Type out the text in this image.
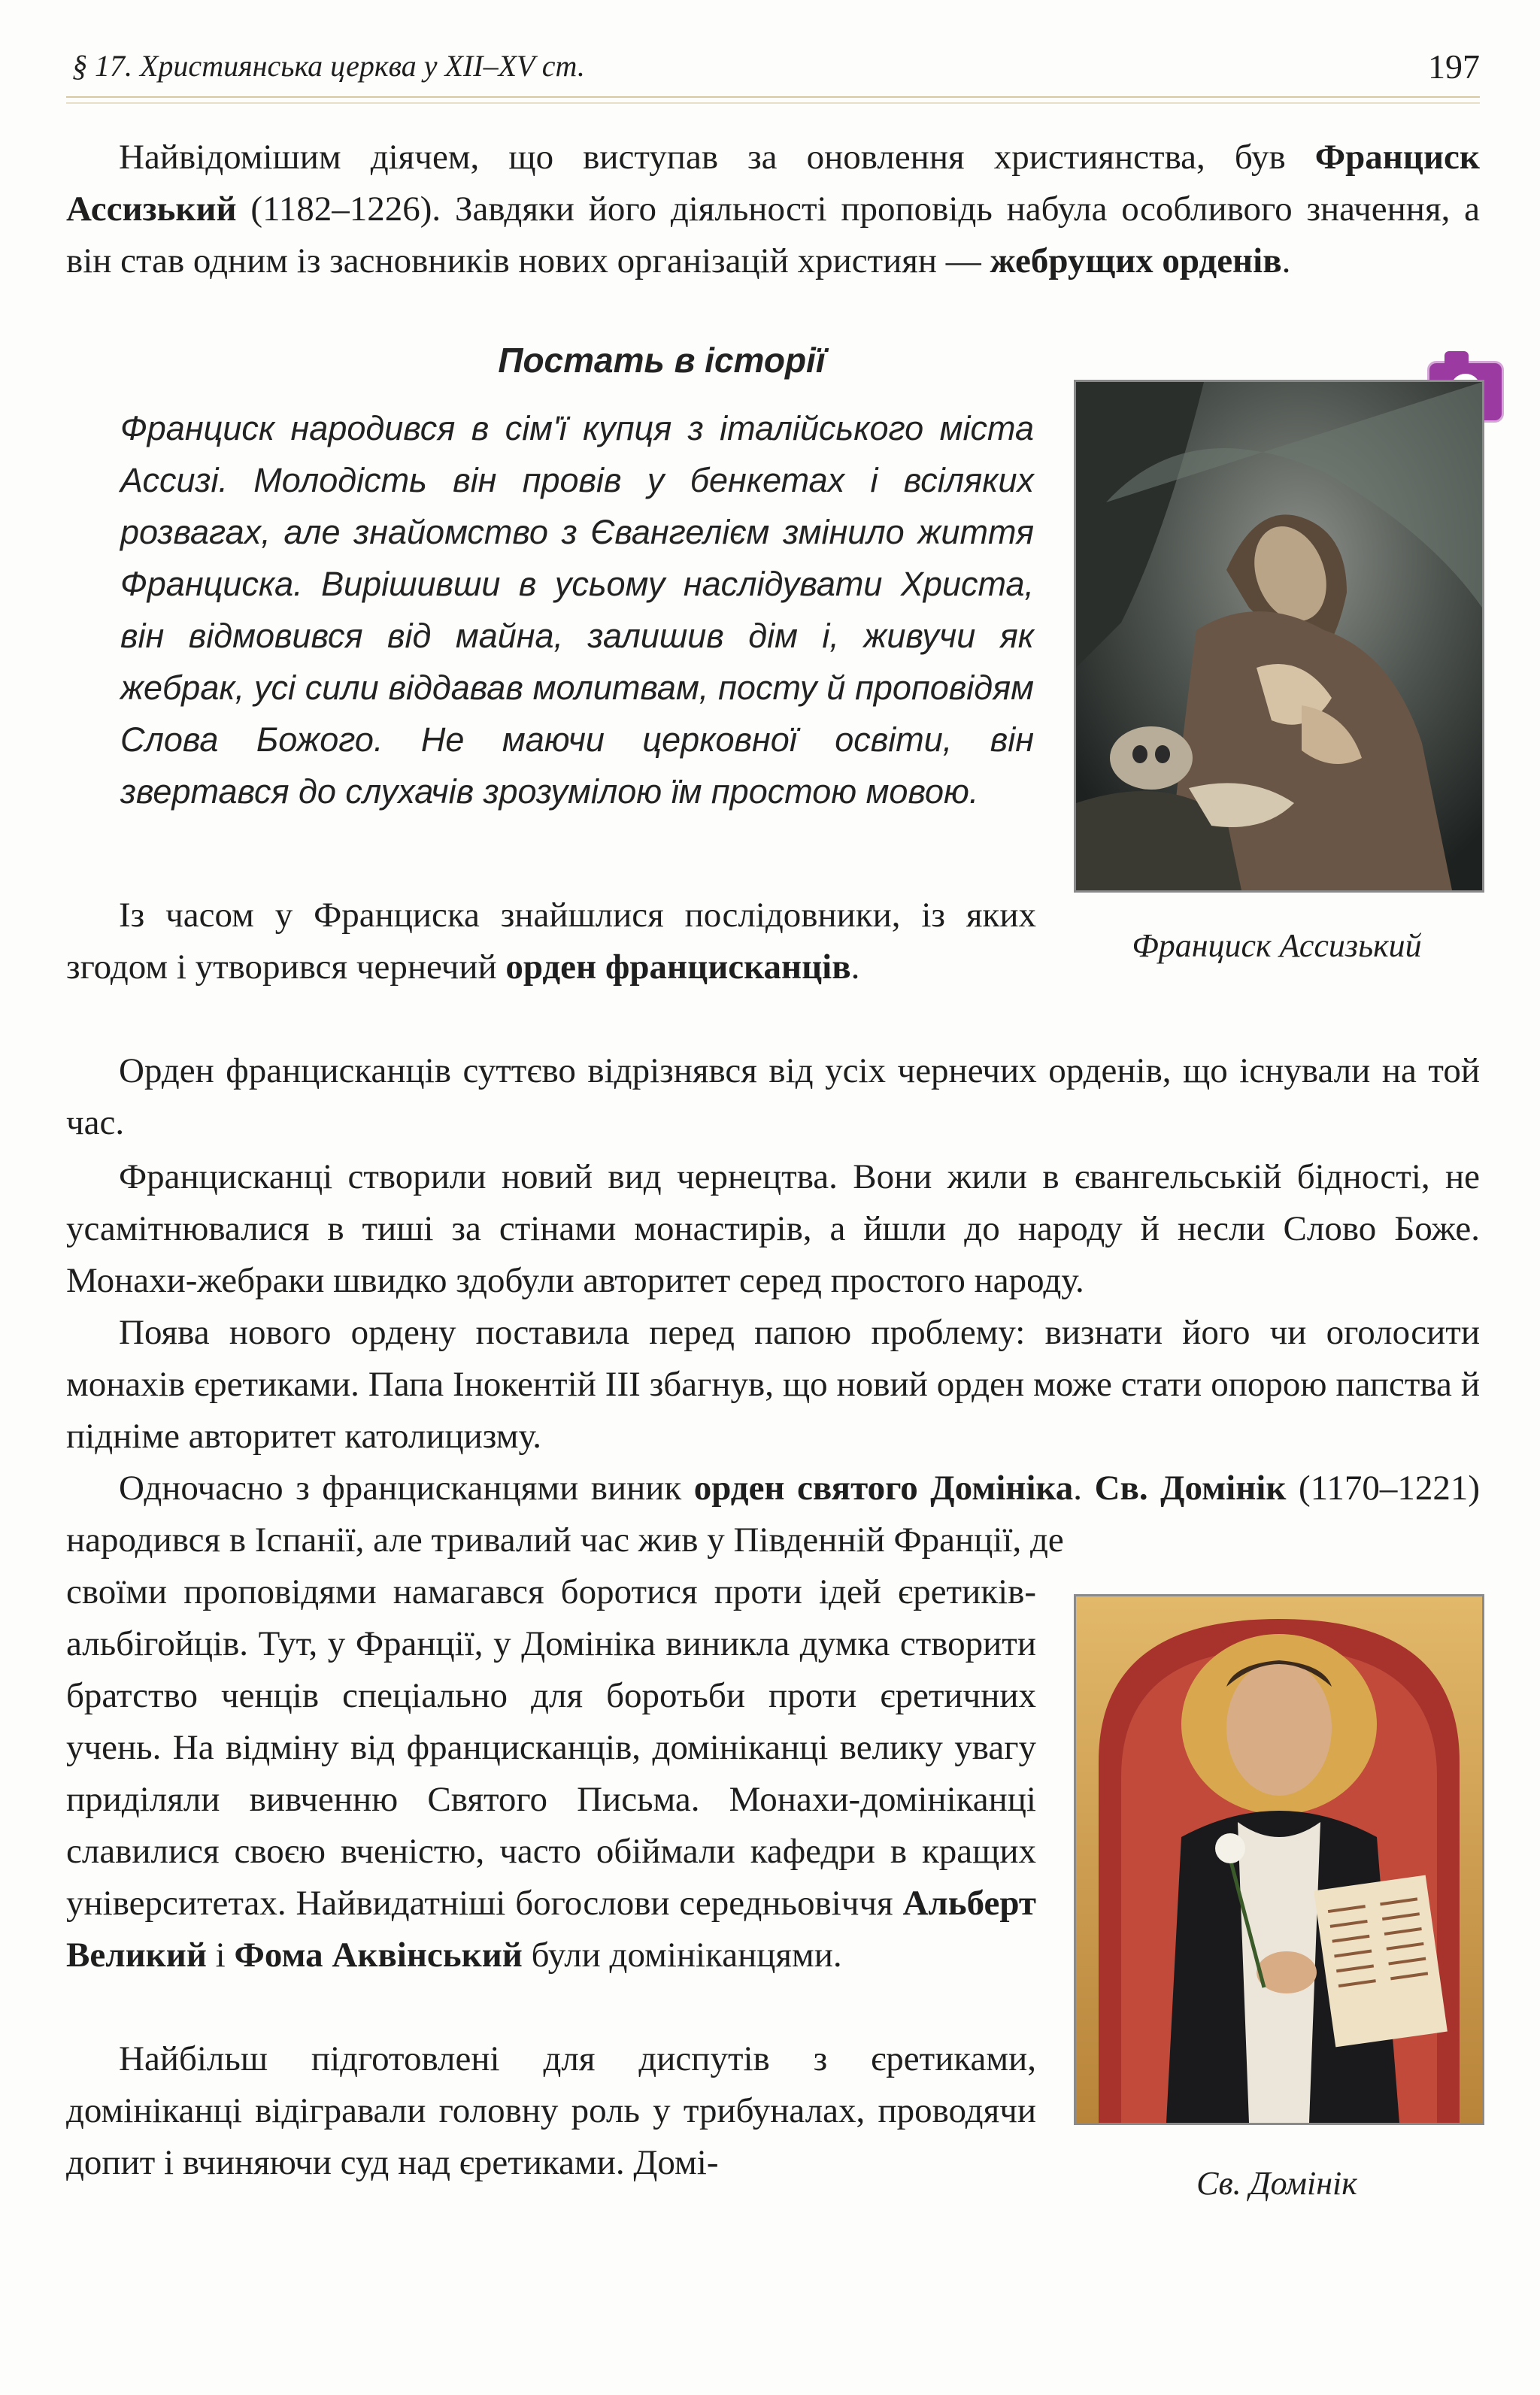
§ 17. Християнська церква у XII–XV ст.	197

Найвідомішим діячем, що виступав за оновлення християнства, був Франциск Ассизький (1182–1226). Завдяки його діяльності проповідь набула особливого значення, а він став одним із засновників нових організацій християн — жебрущих орденів.

Постать в історії

Франциск народився в сім'ї купця з італійського міста Ассизі. Молодість він провів у бенкетах і всіляких розвагах, але знайомство з Євангелієм змінило життя Франциска. Вирішивши в усьому наслідувати Христа, він відмовився від майна, залишив дім і, живучи як жебрак, усі сили віддавав молитвам, посту й проповідям Слова Божого. Не маючи церковної освіти, він звертався до слухачів зрозумілою їм простою мовою.

Франциск Ассизький

Із часом у Франциска знайшлися послідовники, із яких згодом і утворився чернечий орден францисканців.

Орден францисканців суттєво відрізнявся від усіх чернечих орденів, що існували на той час.

Францисканці створили новий вид чернецтва. Вони жили в євангельській бідності, не усамітнювалися в тиші за стінами монастирів, а йшли до народу й несли Слово Боже. Монахи-жебраки швидко здобули авторитет серед простого народу.

Поява нового ордену поставила перед папою проблему: визнати його чи оголосити монахів єретиками. Папа Інокентій III збагнув, що новий орден може стати опорою папства й підніме авторитет католицизму.

Одночасно з францисканцями виник орден святого Домініка. Св. Домінік (1170–1221) народився в Іспанії, але тривалий час жив у Південній Франції, де

своїми проповідями намагався боротися проти ідей єретиків-альбігойців. Тут, у Франції, у Домініка виникла думка створити братство ченців спеціально для боротьби проти єретичних учень. На відміну від францисканців, домініканці велику увагу приділяли вивченню Святого Письма. Монахи-домініканці славилися своєю вченістю, часто обіймали кафедри в кращих університетах. Найвидатніші богослови середньовіччя Альберт Великий і Фома Аквінський були домініканцями.

Найбільш підготовлені для диспутів з єретиками, домініканці відігравали головну роль у трибуналах, проводячи допит і вчиняючи суд над єретиками. Домі-

Св. Домінік
